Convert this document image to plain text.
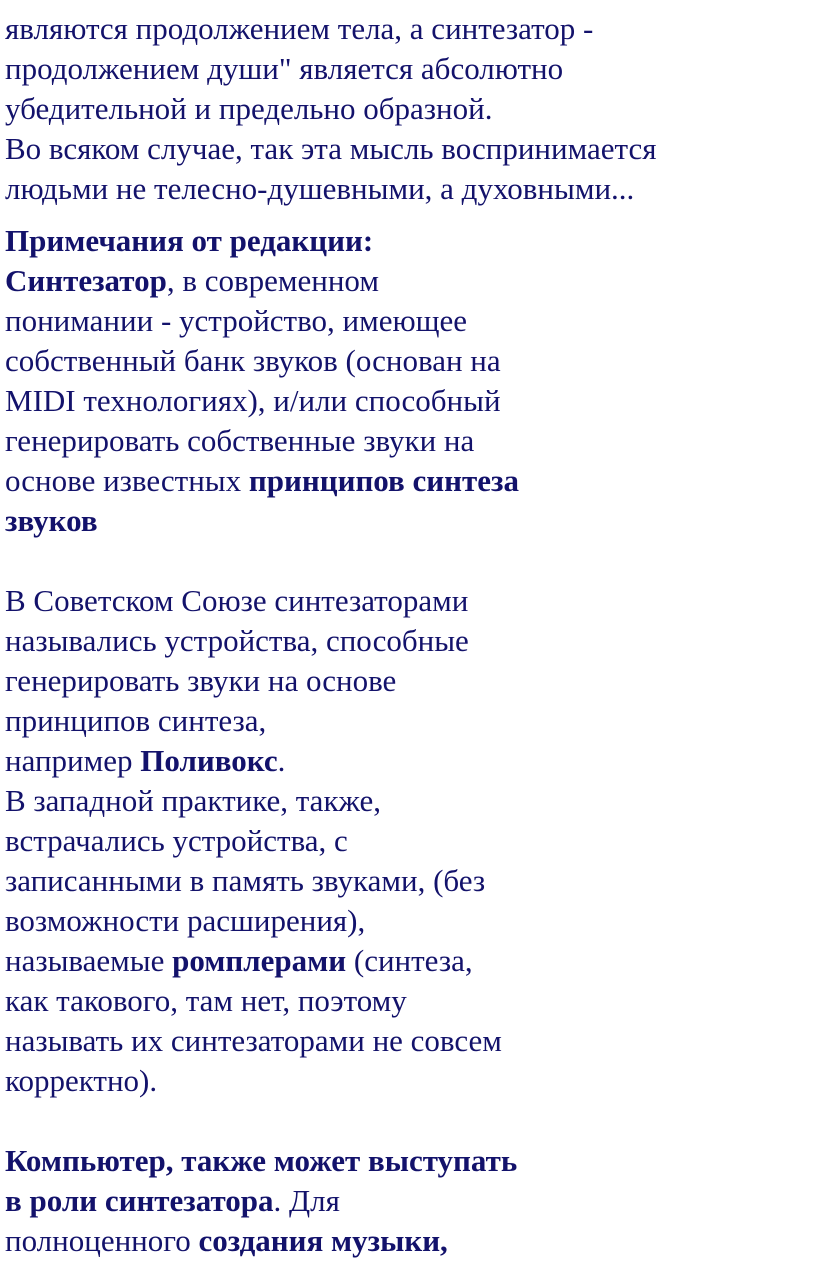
являются продолжением тела, а синтезатор -
продолжением души" является абсолютно
убедительной и предельно образной.
Во всяком случае, так эта мысль воспринимается
людьми не телесно-душевными, а духовными...
Примечания от редакции:
Синтезатор, в современном
понимании - устройство, имеющее
собственный банк звуков (основан на
MIDI технологиях), и/или способный
генерировать собственные звуки на
основе известных принципов синтеза
звуков
В Советском Союзе синтезаторами
назывались устройства, способные
генерировать звуки на основе
принципов синтеза,
например Поливокс.
В западной практике, также,
встрачались устройства, с
записанными в память звуками, (без
возможности расширения),
называемые ромплерами (синтеза,
как такового, там нет, поэтому
называть их синтезаторами не совсем
корректно).
Компьютер, также может выступать
в роли синтезатора. Для
полноценного создания музыки,
